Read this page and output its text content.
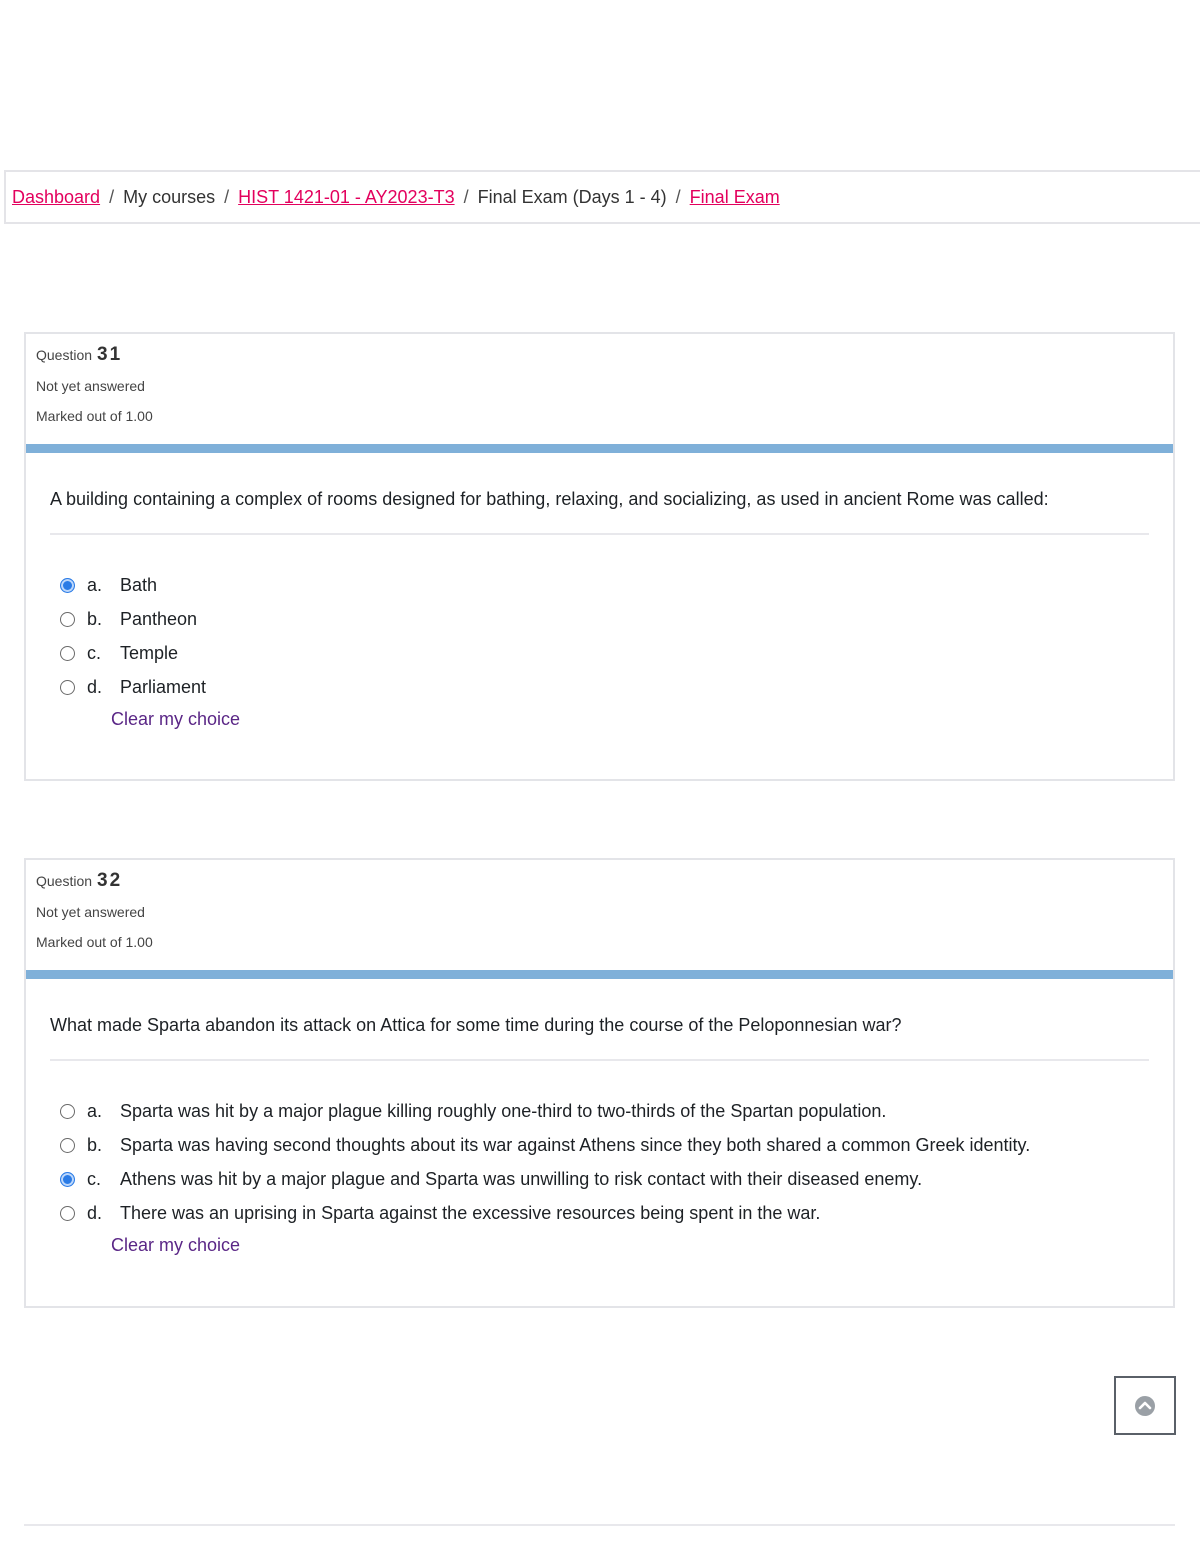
Dashboard / My courses / HIST 1421-01 - AY2023-T3 / Final Exam (Days 1 - 4) / Final Exam
Question 31
Not yet answered
Marked out of 1.00
A building containing a complex of rooms designed for bathing, relaxing, and socializing, as used in ancient Rome was called:
a. Bath
b. Pantheon
c.	Temple
d. Parliament
Clear my choice
Question 32
Not yet answered
Marked out of 1.00
What made Sparta abandon its attack on Attica for some time during the course of the Peloponnesian war?
a. Sparta was hit by a major plague killing roughly one-third to two-thirds of the Spartan population.
b. Sparta was having second thoughts about its war against Athens since they both shared a common Greek identity.
c.	Athens was hit by a major plague and Sparta was unwilling to risk contact with their diseased enemy.
d. There was an uprising in Sparta against the excessive resources being spent in the war.
Clear my choice
